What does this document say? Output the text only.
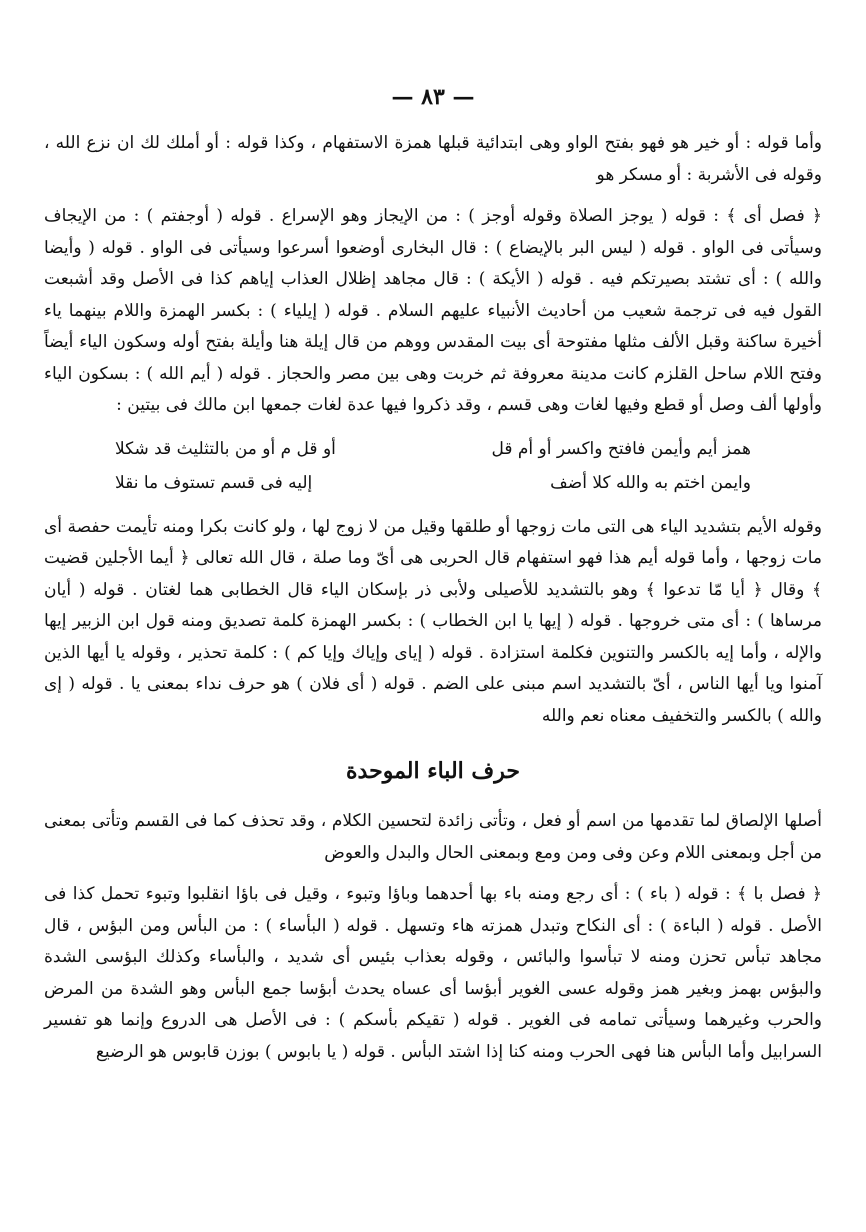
— ٨٣ —

وأما قوله : أو خير هو فهو بفتح الواو وهى ابتدائية قبلها همزة الاستفهام ، وكذا قوله : أو أملك لك ان نزع الله ، وقوله فى الأشربة : أو مسكر هو

﴿ فصل أى ﴾ : قوله ( يوجز الصلاة وقوله أوجز ) : من الإيجاز وهو الإسراع . قوله ( أوجفتم ) : من الإيجاف وسيأتى فى الواو . قوله ( ليس البر بالإيضاع ) : قال البخارى أوضعوا أسرعوا وسيأتى فى الواو . قوله ( وأيضا والله ) : أى تشتد بصيرتكم فيه . قوله ( الأيكة ) : قال مجاهد إظلال العذاب إياهم كذا فى الأصل وقد أشبعت القول فيه فى ترجمة شعيب من أحاديث الأنبياء عليهم السلام . قوله ( إيلياء ) : بكسر الهمزة واللام بينهما ياء أخيرة ساكنة وقبل الألف مثلها مفتوحة أى بيت المقدس ووهم من قال إيلة هنا وأيلة بفتح أوله وسكون الياء أيضاً وفتح اللام ساحل القلزم كانت مدينة معروفة ثم خربت وهى بين مصر والحجاز . قوله ( أيم الله ) : بسكون الياء وأولها ألف وصل أو قطع وفيها لغات وهى قسم ، وقد ذكروا فيها عدة لغات جمعها ابن مالك فى بيتين :

همز أيم وأيمن فافتح واكسر أو أم قل
أو قل م أو من بالتثليث قد شكلا
وايمن اختم به والله كلا أضف
إليه فى قسم تستوف ما نقلا

وقوله الأيم بتشديد الياء هى التى مات زوجها أو طلقها وقيل من لا زوج لها ، ولو كانت بكرا ومنه تأيمت حفصة أى مات زوجها ، وأما قوله أيم هذا فهو استفهام قال الحربى هى أىّ وما صلة ، قال الله تعالى ﴿ أيما الأجلين قضيت ﴾ وقال ﴿ أيا مّا تدعوا ﴾ وهو بالتشديد للأصيلى ولأبى ذر بإسكان الياء قال الخطابى هما لغتان . قوله ( أيان مرساها ) : أى متى خروجها . قوله ( إيها يا ابن الخطاب ) : بكسر الهمزة كلمة تصديق ومنه قول ابن الزبير إيها والإله ، وأما إيه بالكسر والتنوين فكلمة استزادة . قوله ( إياى وإياك وإيا كم ) : كلمة تحذير ، وقوله يا أيها الذين آمنوا ويا أيها الناس ، أىّ بالتشديد اسم مبنى على الضم . قوله ( أى فلان ) هو حرف نداء بمعنى يا . قوله ( إى والله ) بالكسر والتخفيف معناه نعم والله

حرف الباء الموحدة

أصلها الإلصاق لما تقدمها من اسم أو فعل ، وتأتى زائدة لتحسين الكلام ، وقد تحذف كما فى القسم وتأتى بمعنى من أجل وبمعنى اللام وعن وفى ومن ومع وبمعنى الحال والبدل والعوض

﴿ فصل با ﴾ : قوله ( باء ) : أى رجع ومنه باء بها أحدهما وباؤا وتبوء ، وقيل فى باؤا انقلبوا وتبوء تحمل كذا فى الأصل . قوله ( الباءة ) : أى النكاح وتبدل همزته هاء وتسهل . قوله ( البأساء ) : من البأس ومن البؤس ، قال مجاهد تبأس تحزن ومنه لا تبأسوا والبائس ، وقوله بعذاب بئيس أى شديد ، والبأساء وكذلك البؤسى الشدة والبؤس بهمز وبغير همز وقوله عسى الغوير أبؤسا أى عساه يحدث أبؤسا جمع البأس وهو الشدة من المرض والحرب وغيرهما وسيأتى تمامه فى الغوير . قوله ( تقيكم بأسكم ) : فى الأصل هى الدروع وإنما هو تفسير السرابيل وأما البأس هنا فهى الحرب ومنه كنا إذا اشتد البأس . قوله ( يا بابوس ) بوزن قابوس هو الرضيع
